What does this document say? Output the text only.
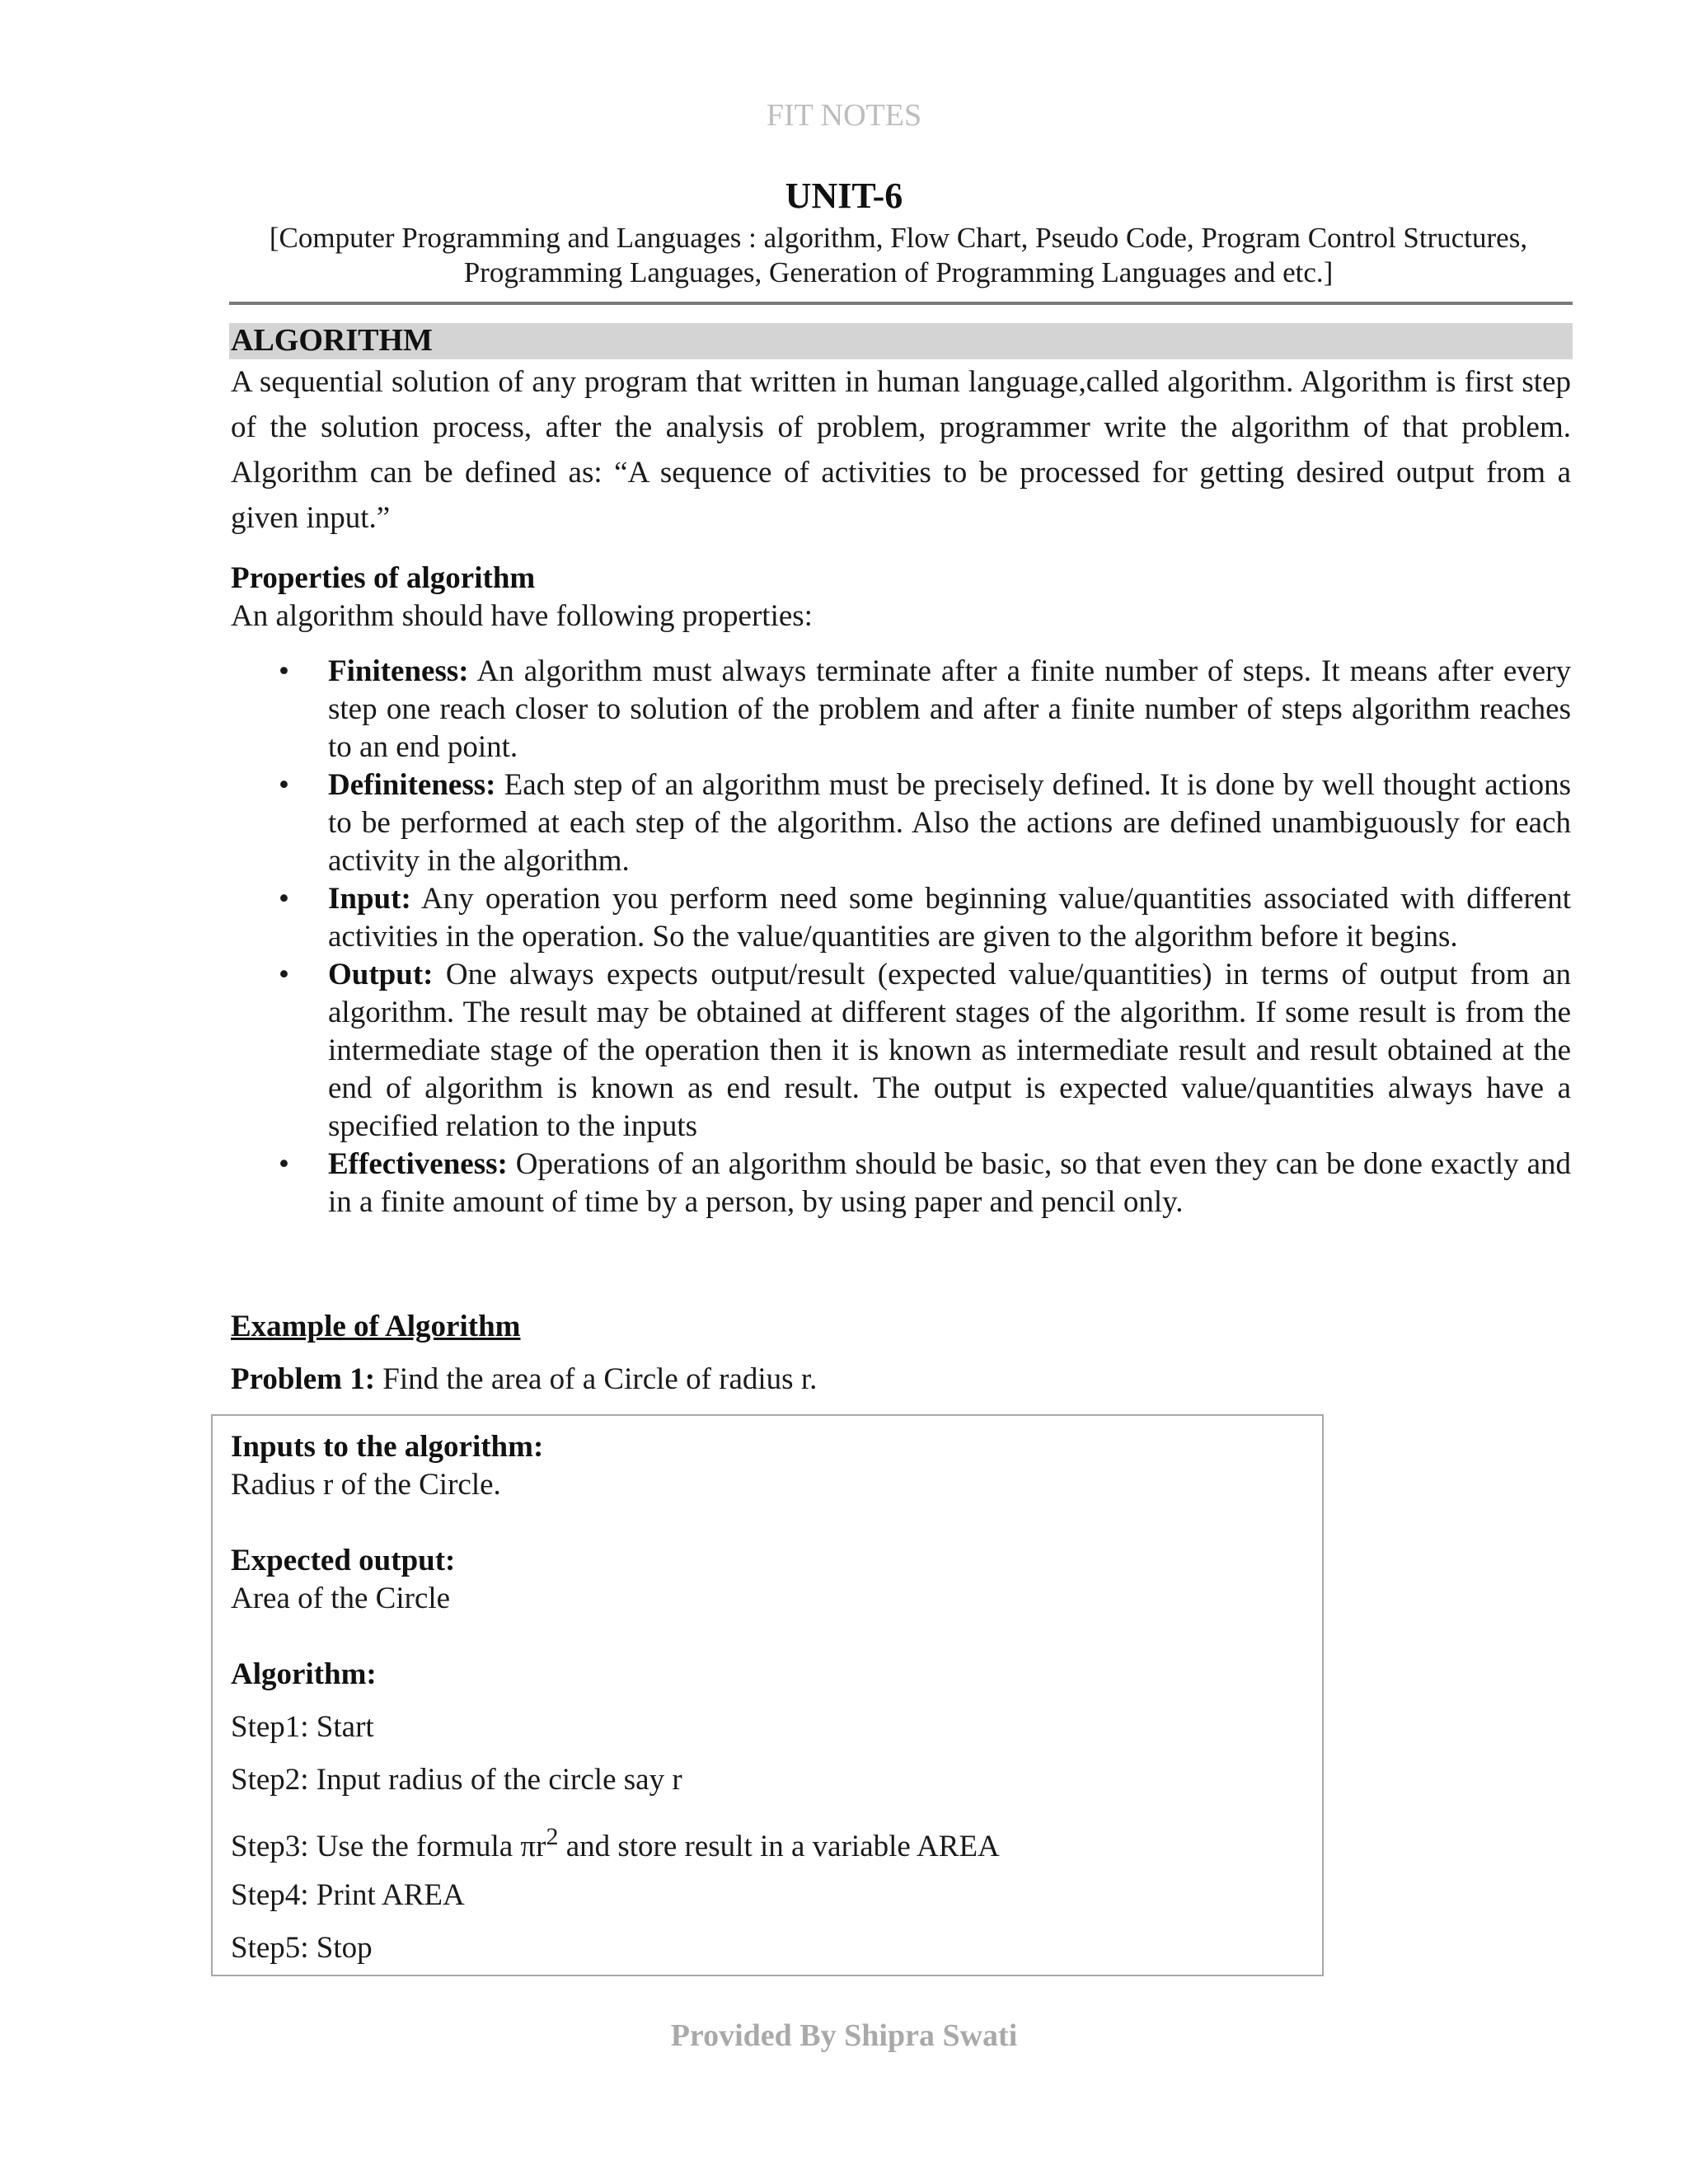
FIT NOTES
UNIT-6
[Computer Programming and Languages : algorithm, Flow Chart, Pseudo Code, Program Control Structures,
Programming Languages, Generation of Programming Languages and etc.]
ALGORITHM

A sequential solution of any program that written in human language,called algorithm. Algorithm is first step of the solution process, after the analysis of problem, programmer write the algorithm of that problem. Algorithm can be defined as: “A sequence of activities to be processed for getting desired output from a given input.”

Properties of algorithm
An algorithm should have following properties:
• Finiteness: An algorithm must always terminate after a finite number of steps. It means after every step one reach closer to solution of the problem and after a finite number of steps algorithm reaches to an end point.
• Definiteness: Each step of an algorithm must be precisely defined. It is done by well thought actions to be performed at each step of the algorithm. Also the actions are defined unambiguously for each activity in the algorithm.
• Input: Any operation you perform need some beginning value/quantities associated with different activities in the operation. So the value/quantities are given to the algorithm before it begins.
• Output: One always expects output/result (expected value/quantities) in terms of output from an algorithm. The result may be obtained at different stages of the algorithm. If some result is from the intermediate stage of the operation then it is known as intermediate result and result obtained at the end of algorithm is known as end result. The output is expected value/quantities always have a specified relation to the inputs
• Effectiveness: Operations of an algorithm should be basic, so that even they can be done exactly and in a finite amount of time by a person, by using paper and pencil only.
Example of Algorithm
Problem 1: Find the area of a Circle of radius r.
Inputs to the algorithm:
Radius r of the Circle.
Expected output:
Area of the Circle
Algorithm:
Step1: Start
Step2: Input radius of the circle say r
Step3: Use the formula $\pi r^2$ and store result in a variable AREA
Step4: Print AREA
Step5: Stop
Provided By Shipra Swati
